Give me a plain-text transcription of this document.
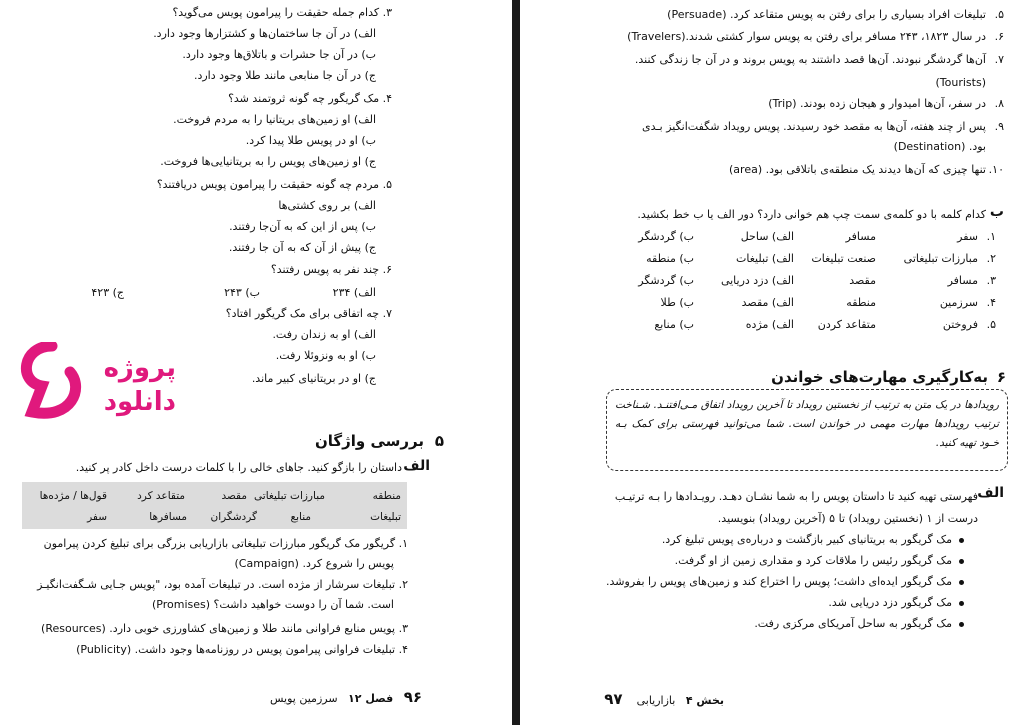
۳. کدام جمله حقیقت را پیرامون پویس می‌گوید؟
الف) در آن جا ساختمان‌ها و کشتزارها وجود دارد.
ب) در آن جا حشرات و باتلاق‌ها وجود دارد.
ج) در آن جا منابعی مانند طلا وجود دارد.
۴. مک گریگور چه گونه ثروتمند شد؟
الف) او زمین‌های بریتانیا را به مردم فروخت.
ب) او در پویس طلا پیدا کرد.
ج) او زمین‌های پویس را به بریتانیایی‌ها فروخت.
۵. مردم چه گونه حقیقت را پیرامون پویس دریافتند؟
الف) بر روی کشتی‌ها
ب) پس از این که به آن‌جا رفتند.
ج) پیش از آن که به آن جا رفتند.
۶. چند نفر به پویس رفتند؟
الف) ۲۳۴
ب) ۲۴۳
ج) ۴۲۳
۷. چه اتفاقی برای مک گریگور افتاد؟
الف) او به زندان رفت.
ب) او به ونزوئلا رفت.
ج) او در بریتانیای کبیر ماند.
پروژه
دانلود
۵
بررسی واژگان
الف
داستان را بازگو کنید. جاهای خالی را با کلمات درست داخل کادر پر کنید.
منطقه
مبارزات تبلیغاتی
مقصد
متقاعد کرد
قول‌ها / مژده‌ها
تبلیغات
منابع
گردشگران
مسافرها
سفر
۱. گریگور مک گریگور مبارزات تبلیغاتی بازاریابی بزرگی برای تبلیغ کردن پیرامون
پویس را شروع کرد. (Campaign)
۲. تبلیغات سرشار از مژده است. در تبلیغات آمده بود، "پویس جـایی شـگفت‌انگیـز
است. شما آن را دوست خواهید داشت؟ (Promises)
۳. پویس منابع فراوانی مانند طلا و زمین‌های کشاورزی خوبی دارد. (Resources)
۴. تبلیغات فراوانی پیرامون پویس در روزنامه‌ها وجود داشت. (Publicity)
۹۶   فصل ۱۲   سرزمین پویس
۵.
تبلیغات افراد بسیاری را برای رفتن به پویس متقاعد کرد. (Persuade)
۶.
در سال ۱۸۲۳، ۲۴۳ مسافر برای رفتن به پویس سوار کشتی شدند.(Travelers)
۷.
آن‌ها گردشگر نبودند. آن‌ها قصد داشتند به پویس بروند و در آن جا زندگی کنند.
(Tourists)
۸.
در سفر، آن‌ها امیدوار و هیجان زده بودند. (Trip)
۹.
پس از چند هفته، آن‌ها به مقصد خود رسیدند. پویس رویداد شگفت‌انگیز بـدی
بود. (Destination)
۱۰.
تنها چیزی که آن‌ها دیدند یک منطقه‌ی باتلاقی بود. (area)
ب
کدام کلمه با دو کلمه‌ی سمت چپ هم خوانی دارد؟ دور الف یا ب خط بکشید.
۱.
سفر
مسافر
الف) ساحل
ب) گردشگر
۲.
مبارزات تبلیغاتی
صنعت تبلیغات
الف) تبلیغات
ب) منطقه
۳.
مسافر
مقصد
الف) دزد دریایی
ب) گردشگر
۴.
سرزمین
منطقه
الف) مقصد
ب) طلا
۵.
فروختن
متقاعد کردن
الف) مژده
ب) منابع
۶
به‌کارگیری مهارت‌های خواندن
رویدادها در یک متن به ترتیب از نخستین رویداد تا آخرین رویداد اتفاق مـی‌افتنـد. شـناخت ترتیب رویدادها مهارت مهمی در خواندن است. شما می‌توانید فهرستی برای کمک بـه خـود تهیه کنید.
الف
فهرستی تهیه کنید تا داستان پویس را به شما نشـان دهـد. رویـدادها را بـه ترتیـب
درست از ۱ (نخستین رویداد) تا ۵ (آخرین رویداد) بنویسید.
مک گریگور به بریتانیای کبیر بازگشت و درباره‌ی پویس تبلیغ کرد.
مک گریگور رئیس را ملاقات کرد و مقداری زمین از او گرفت.
مک گریگور ایده‌ای داشت؛ پویس را اختراع کند و زمین‌های پویس را بفروشد.
مک گریگور دزد دریایی شد.
مک گریگور به ساحل آمریکای مرکزی رفت.
بخش ۴   بازاریابی    ۹۷
